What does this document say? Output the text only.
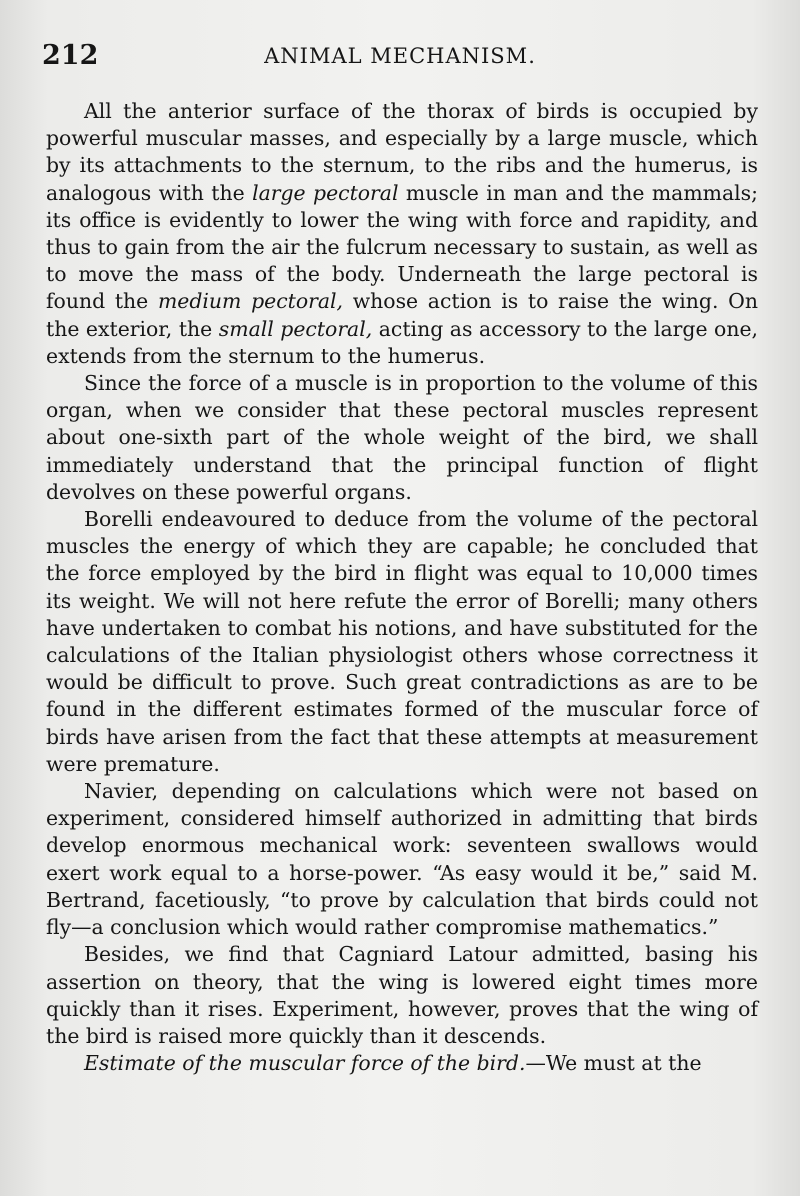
212	ANIMAL MECHANISM.

All the anterior surface of the thorax of birds is occupied by powerful muscular masses, and especially by a large muscle, which by its attachments to the sternum, to the ribs and the humerus, is analogous with the large pectoral muscle in man and the mammals; its office is evidently to lower the wing with force and rapidity, and thus to gain from the air the fulcrum necessary to sustain, as well as to move the mass of the body. Underneath the large pectoral is found the medium pectoral, whose action is to raise the wing. On the exterior, the small pectoral, acting as accessory to the large one, extends from the sternum to the humerus.

Since the force of a muscle is in proportion to the volume of this organ, when we consider that these pectoral muscles represent about one-sixth part of the whole weight of the bird, we shall immediately understand that the principal function of flight devolves on these powerful organs.

Borelli endeavoured to deduce from the volume of the pectoral muscles the energy of which they are capable; he concluded that the force employed by the bird in flight was equal to 10,000 times its weight. We will not here refute the error of Borelli; many others have undertaken to combat his notions, and have substituted for the calculations of the Italian physiologist others whose correctness it would be difficult to prove. Such great contradictions as are to be found in the different estimates formed of the muscular force of birds have arisen from the fact that these attempts at measurement were premature.

Navier, depending on calculations which were not based on experiment, considered himself authorized in admitting that birds develop enormous mechanical work: seventeen swallows would exert work equal to a horse-power. “As easy would it be,” said M. Bertrand, facetiously, “to prove by calculation that birds could not fly—a conclusion which would rather compromise mathematics.”

Besides, we find that Cagniard Latour admitted, basing his assertion on theory, that the wing is lowered eight times more quickly than it rises. Experiment, however, proves that the wing of the bird is raised more quickly than it descends.

Estimate of the muscular force of the bird.—We must at the
